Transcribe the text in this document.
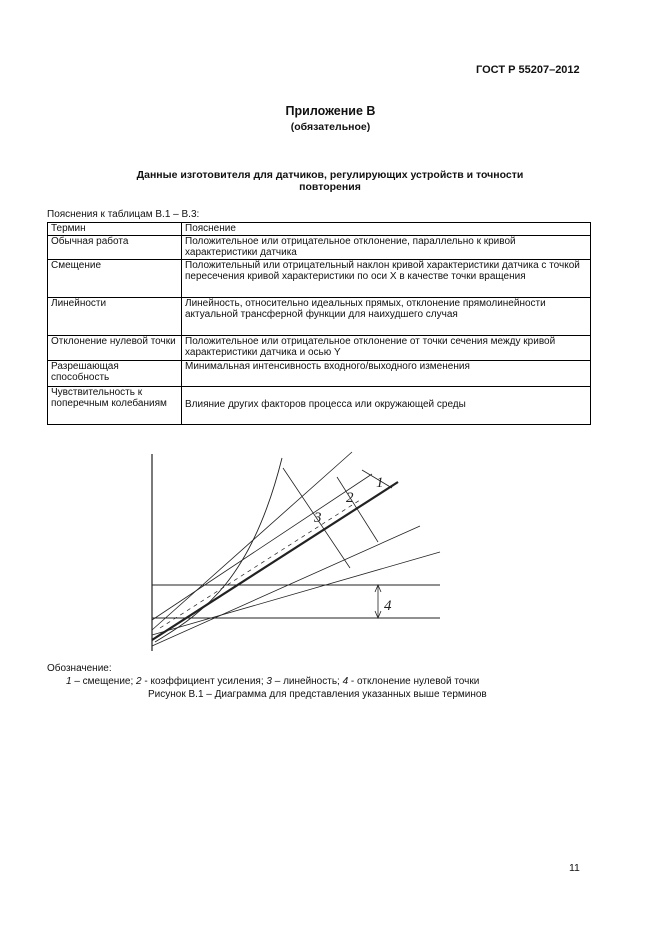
ГОСТ Р 55207–2012
Приложение В
(обязательное)
Данные изготовителя для датчиков, регулирующих устройств и точности повторения
Пояснения к таблицам В.1 – В.3:
Термин	Пояснение
Обычная работа	Положительное или отрицательное отклонение, параллельно к кривой характеристики датчика
Смещение	Положительный или отрицательный наклон кривой характеристики датчика с точкой пересечения кривой характеристики по оси X в качестве точки вращения
Линейности	Линейность, относительно идеальных прямых, отклонение прямолинейности актуальной трансферной функции для наихудшего случая
Отклонение нулевой точки	Положительное или отрицательное отклонение от точки сечения между кривой характеристики датчика и осью Y
Разрешающая способность	Минимальная интенсивность входного/выходного изменения
Чувствительность к поперечным колебаниям	Влияние других факторов процесса или окружающей среды
1
2
3
4
Обозначение:
1 – смещение; 2 - коэффициент усиления; 3 – линейность; 4 - отклонение нулевой точки
Рисунок В.1 – Диаграмма для представления указанных выше терминов
11
